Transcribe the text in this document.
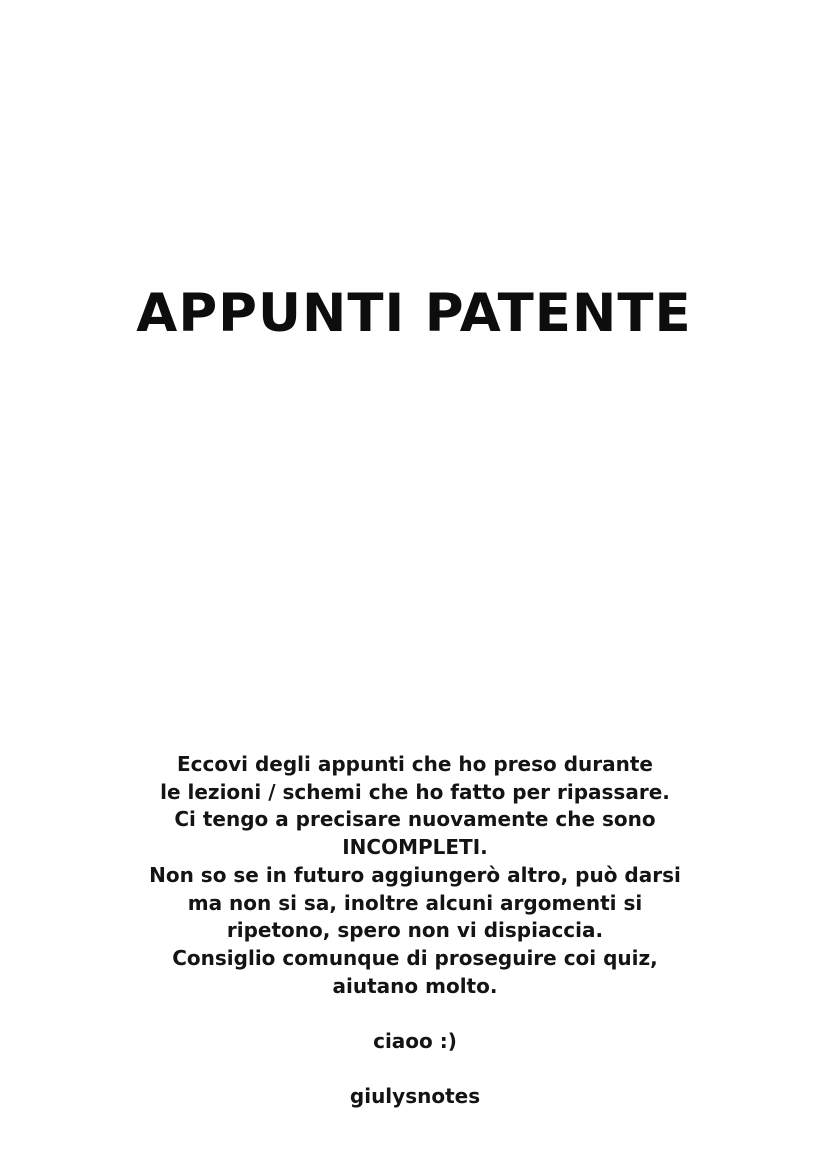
APPUNTI PATENTE
Eccovi degli appunti che ho preso durante
le lezioni / schemi che ho fatto per ripassare.
Ci tengo a precisare nuovamente che sono
INCOMPLETI.
Non so se in futuro aggiungerò altro, può darsi
ma non si sa, inoltre alcuni argomenti si
ripetono, spero non vi dispiaccia.
Consiglio comunque di proseguire coi quiz,
aiutano molto.
ciaoo :)
giulysnotes
